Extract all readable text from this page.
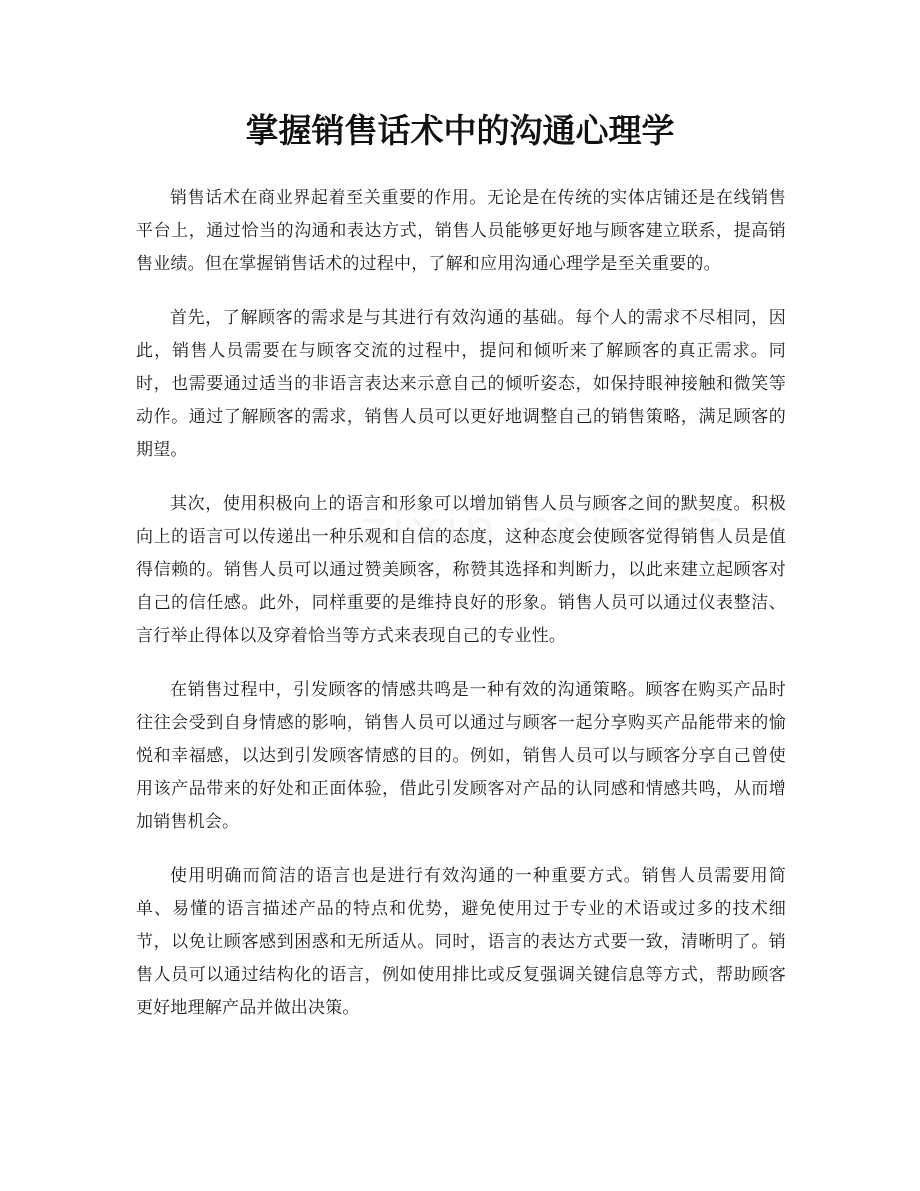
掌握销售话术中的沟通心理学

销售话术在商业界起着至关重要的作用。无论是在传统的实体店铺还是在线销售平台上，通过恰当的沟通和表达方式，销售人员能够更好地与顾客建立联系，提高销售业绩。但在掌握销售话术的过程中，了解和应用沟通心理学是至关重要的。

首先，了解顾客的需求是与其进行有效沟通的基础。每个人的需求不尽相同，因此，销售人员需要在与顾客交流的过程中，提问和倾听来了解顾客的真正需求。同时，也需要通过适当的非语言表达来示意自己的倾听姿态，如保持眼神接触和微笑等动作。通过了解顾客的需求，销售人员可以更好地调整自己的销售策略，满足顾客的期望。

其次，使用积极向上的语言和形象可以增加销售人员与顾客之间的默契度。积极向上的语言可以传递出一种乐观和自信的态度，这种态度会使顾客觉得销售人员是值得信赖的。销售人员可以通过赞美顾客，称赞其选择和判断力，以此来建立起顾客对自己的信任感。此外，同样重要的是维持良好的形象。销售人员可以通过仪表整洁、言行举止得体以及穿着恰当等方式来表现自己的专业性。

在销售过程中，引发顾客的情感共鸣是一种有效的沟通策略。顾客在购买产品时往往会受到自身情感的影响，销售人员可以通过与顾客一起分享购买产品能带来的愉悦和幸福感，以达到引发顾客情感的目的。例如，销售人员可以与顾客分享自己曾使用该产品带来的好处和正面体验，借此引发顾客对产品的认同感和情感共鸣，从而增加销售机会。

使用明确而简洁的语言也是进行有效沟通的一种重要方式。销售人员需要用简单、易懂的语言描述产品的特点和优势，避免使用过于专业的术语或过多的技术细节，以免让顾客感到困惑和无所适从。同时，语言的表达方式要一致，清晰明了。销售人员可以通过结构化的语言，例如使用排比或反复强调关键信息等方式，帮助顾客更好地理解产品并做出决策。
